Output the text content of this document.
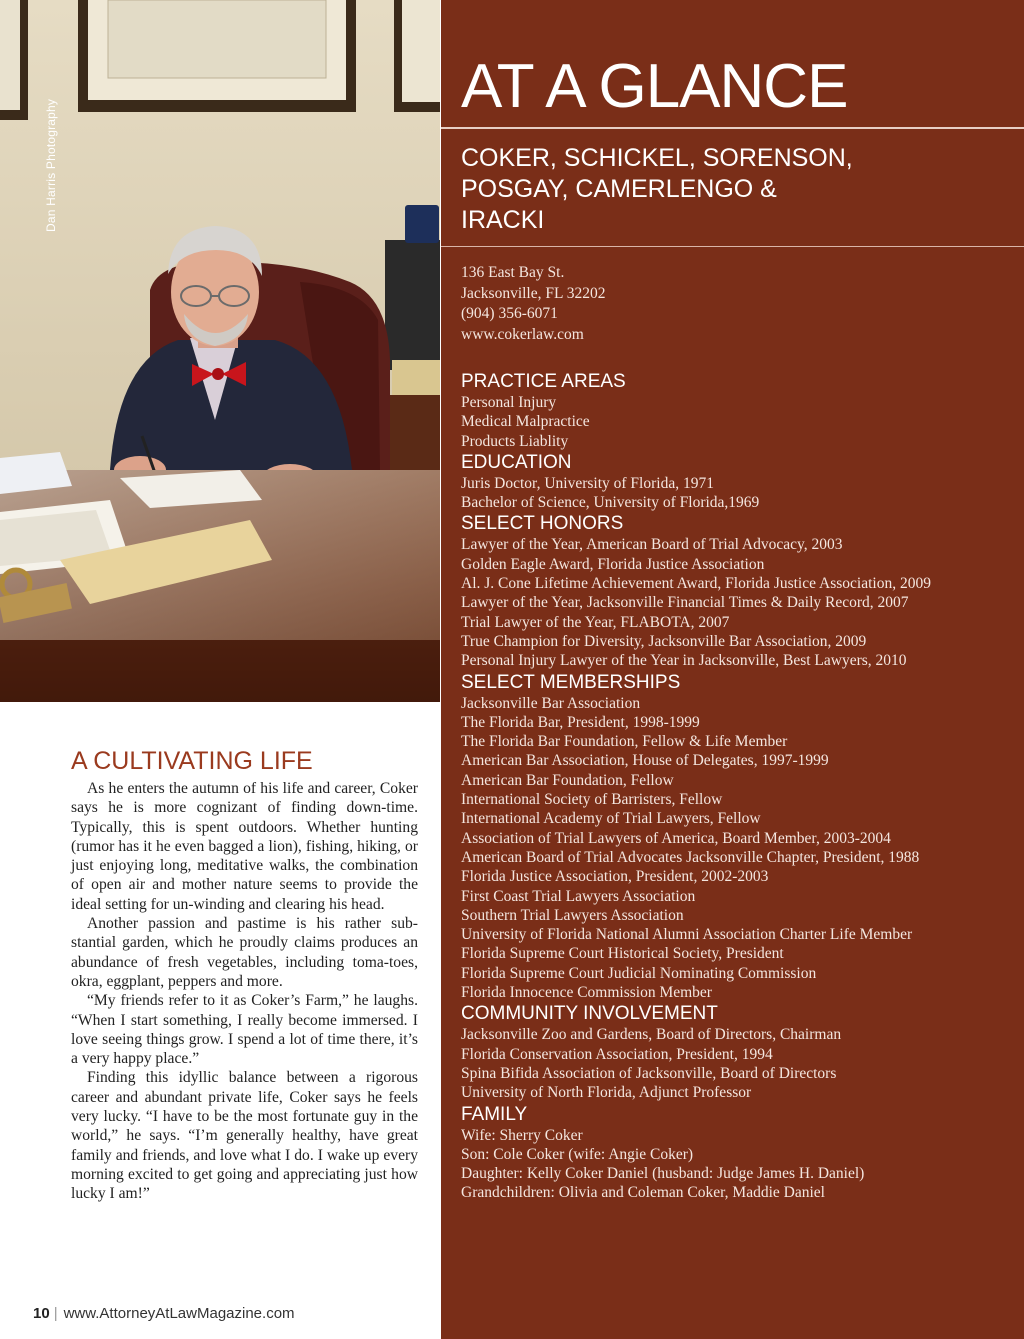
Dan Harris Photography
AT A GLANCE
COKER, SCHICKEL, SORENSON,
POSGAY, CAMERLENGO &
IRACKI
136 East Bay St.
Jacksonville, FL 32202
(904) 356-6071
www.cokerlaw.com
PRACTICE AREAS
Personal Injury
Medical Malpractice
Products Liablity
EDUCATION
Juris Doctor, University of Florida, 1971
Bachelor of Science, University of Florida,1969
SELECT HONORS
Lawyer of the Year, American Board of Trial Advocacy, 2003
Golden Eagle Award, Florida Justice Association
Al. J. Cone Lifetime Achievement Award, Florida Justice Association, 2009
Lawyer of the Year, Jacksonville Financial Times & Daily Record, 2007
Trial Lawyer of the Year, FLABOTA, 2007
True Champion for Diversity, Jacksonville Bar Association, 2009
Personal Injury Lawyer of the Year in Jacksonville, Best Lawyers, 2010
SELECT MEMBERSHIPS
Jacksonville Bar Association
The Florida Bar, President, 1998-1999
The Florida Bar Foundation, Fellow & Life Member
American Bar Association, House of Delegates, 1997-1999
American Bar Foundation, Fellow
International Society of Barristers, Fellow
International Academy of Trial Lawyers, Fellow
Association of Trial Lawyers of America, Board Member, 2003-2004
American Board of Trial Advocates Jacksonville Chapter, President, 1988
Florida Justice Association, President, 2002-2003
First Coast Trial Lawyers Association
Southern Trial Lawyers Association
University of Florida National Alumni Association Charter Life Member
Florida Supreme Court Historical Society, President
Florida Supreme Court Judicial Nominating Commission
Florida Innocence Commission Member
COMMUNITY INVOLVEMENT
Jacksonville Zoo and Gardens, Board of Directors, Chairman
Florida Conservation Association, President, 1994
Spina Bifida Association of Jacksonville, Board of Directors
University of North Florida, Adjunct Professor
FAMILY
Wife: Sherry Coker
Son: Cole Coker (wife: Angie Coker)
Daughter: Kelly Coker Daniel (husband: Judge James H. Daniel)
Grandchildren: Olivia and Coleman Coker, Maddie Daniel
A CULTIVATING LIFE

As he enters the autumn of his life and career, Coker says he is more cognizant of finding down-time. Typically, this is spent outdoors. Whether hunting (rumor has it he even bagged a lion), fishing, hiking, or just enjoying long, meditative walks, the combination of open air and mother nature seems to provide the ideal setting for un-winding and clearing his head.

Another passion and pastime is his rather sub-stantial garden, which he proudly claims produces an abundance of fresh vegetables, including toma-toes, okra, eggplant, peppers and more.

“My friends refer to it as Coker’s Farm,” he laughs. “When I start something, I really become immersed. I love seeing things grow. I spend a lot of time there, it’s a very happy place.”

Finding this idyllic balance between a rigorous career and abundant private life, Coker says he feels very lucky. “I have to be the most fortunate guy in the world,” he says. “I’m generally healthy, have great family and friends, and love what I do. I wake up every morning excited to get going and appreciating just how lucky I am!”

10 | www.AttorneyAtLawMagazine.com
